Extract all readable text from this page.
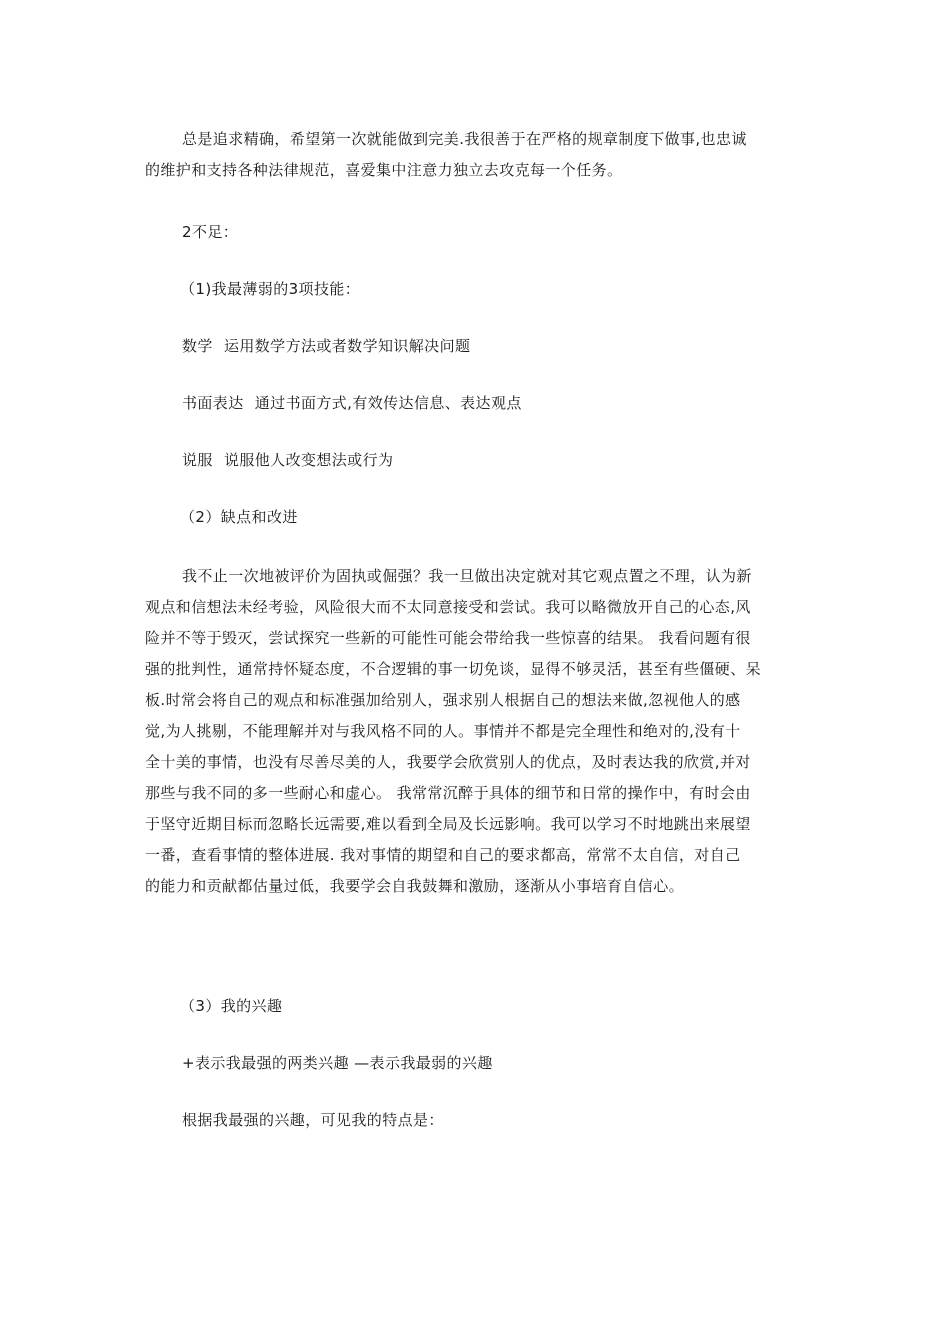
总是追求精确，希望第一次就能做到完美.我很善于在严格的规章制度下做事,也忠诚
的维护和支持各种法律规范，喜爱集中注意力独立去攻克每一个任务。
2不足：
（1)我最薄弱的3项技能：
数学 运用数学方法或者数学知识解决问题
书面表达 通过书面方式,有效传达信息、表达观点
说服 说服他人改变想法或行为
（2）缺点和改进
我不止一次地被评价为固执或倔强？我一旦做出决定就对其它观点置之不理，认为新
观点和信想法未经考验，风险很大而不太同意接受和尝试。我可以略微放开自己的心态,风
险并不等于毁灭，尝试探究一些新的可能性可能会带给我一些惊喜的结果。 我看问题有很
强的批判性，通常持怀疑态度，不合逻辑的事一切免谈，显得不够灵活，甚至有些僵硬、呆
板.时常会将自己的观点和标准强加给别人，强求别人根据自己的想法来做,忽视他人的感
觉,为人挑剔，不能理解并对与我风格不同的人。事情并不都是完全理性和绝对的,没有十
全十美的事情，也没有尽善尽美的人，我要学会欣赏别人的优点，及时表达我的欣赏,并对
那些与我不同的多一些耐心和虚心。 我常常沉醉于具体的细节和日常的操作中，有时会由
于坚守近期目标而忽略长远需要,难以看到全局及长远影响。我可以学习不时地跳出来展望
一番，查看事情的整体进展. 我对事情的期望和自己的要求都高，常常不太自信，对自己
的能力和贡献都估量过低，我要学会自我鼓舞和激励，逐渐从小事培育自信心。
（3）我的兴趣
+表示我最强的两类兴趣 —表示我最弱的兴趣
根据我最强的兴趣，可见我的特点是：
